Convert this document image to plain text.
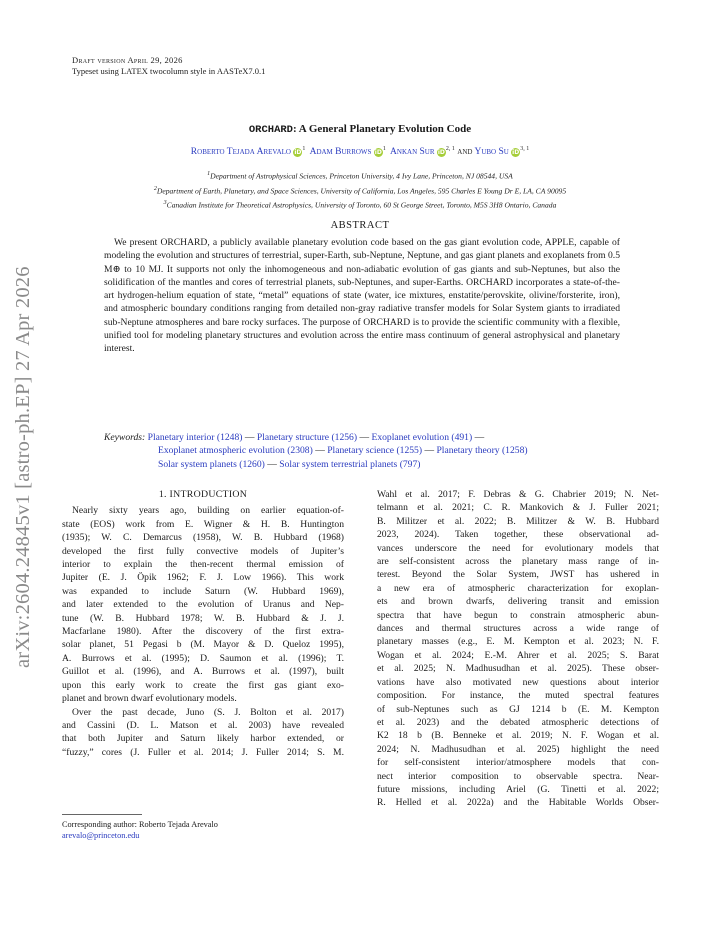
arXiv:2604.24845v1 [astro-ph.EP] 27 Apr 2026
Draft version April 29, 2026
Typeset using LATEX twocolumn style in AASTeX7.0.1
ORCHARD: A General Planetary Evolution Code
Roberto Tejada Arevalo $iD^1$ Adam Burrows $iD^1$ Ankan Sur iD$^{2, 1}$ and Yubo Su iD$^{3, 1}$
$^1$Department of Astrophysical Sciences, Princeton University, 4 Ivy Lane, Princeton, NJ 08544, USA
$^2$Department of Earth, Planetary, and Space Sciences, University of California, Los Angeles, 595 Charles E Young Dr E, LA, CA 90095
$^3$Canadian Institute for Theoretical Astrophysics, University of Toronto, 60 St George Street, Toronto, M5S 3H8 Ontario, Canada
ABSTRACT
We present ORCHARD, a publicly available planetary evolution code based on the gas giant evolution code, APPLE, capable of modeling the evolution and structures of terrestrial, super-Earth, sub-Neptune, Neptune, and gas giant planets and exoplanets from 0.5 M⊕ to 10 MJ. It supports not only the inhomogeneous and non-adiabatic evolution of gas giants and sub-Neptunes, but also the solidification of the mantles and cores of terrestrial planets, sub-Neptunes, and super-Earths. ORCHARD incorporates a state-of-the-art hydrogen-helium equation of state, “metal” equations of state (water, ice mixtures, enstatite/perovskite, olivine/forsterite, iron), and atmospheric boundary conditions ranging from detailed non-gray radiative transfer models for Solar System giants to irradiated sub-Neptune atmospheres and bare rocky surfaces. The purpose of ORCHARD is to provide the scientific community with a flexible, unified tool for modeling planetary structures and evolution across the entire mass continuum of general astrophysical and planetary interest.
Keywords: Planetary interior (1248) — Planetary structure (1256) — Exoplanet evolution (491) —
Exoplanet atmospheric evolution (2308) — Planetary science (1255) — Planetary theory (1258)
Solar system planets (1260) — Solar system terrestrial planets (797)
1. INTRODUCTION
Nearly sixty years ago, building on earlier equation-of-
state (EOS) work from E. Wigner & H. B. Huntington
(1935); W. C. Demarcus (1958), W. B. Hubbard (1968)
developed the first fully convective models of Jupiter’s
interior to explain the then-recent thermal emission of
Jupiter (E. J. Öpik 1962; F. J. Low 1966). This work
was expanded to include Saturn (W. Hubbard 1969),
and later extended to the evolution of Uranus and Nep-
tune (W. B. Hubbard 1978; W. B. Hubbard & J. J.
Macfarlane 1980). After the discovery of the first extra-
solar planet, 51 Pegasi b (M. Mayor & D. Queloz 1995),
A. Burrows et al. (1995); D. Saumon et al. (1996); T.
Guillot et al. (1996), and A. Burrows et al. (1997), built
upon this early work to create the first gas giant exo-
planet and brown dwarf evolutionary models.
Over the past decade, Juno (S. J. Bolton et al. 2017)
and Cassini (D. L. Matson et al. 2003) have revealed
that both Jupiter and Saturn likely harbor extended, or
“fuzzy,” cores (J. Fuller et al. 2014; J. Fuller 2014; S. M.
Wahl et al. 2017; F. Debras & G. Chabrier 2019; N. Net-
telmann et al. 2021; C. R. Mankovich & J. Fuller 2021;
B. Militzer et al. 2022; B. Militzer & W. B. Hubbard
2023, 2024). Taken together, these observational ad-
vances underscore the need for evolutionary models that
are self-consistent across the planetary mass range of in-
terest. Beyond the Solar System, JWST has ushered in
a new era of atmospheric characterization for exoplan-
ets and brown dwarfs, delivering transit and emission
spectra that have begun to constrain atmospheric abun-
dances and thermal structures across a wide range of
planetary masses (e.g., E. M. Kempton et al. 2023; N. F.
Wogan et al. 2024; E.-M. Ahrer et al. 2025; S. Barat
et al. 2025; N. Madhusudhan et al. 2025). These obser-
vations have also motivated new questions about interior
composition. For instance, the muted spectral features
of sub-Neptunes such as GJ 1214 b (E. M. Kempton
et al. 2023) and the debated atmospheric detections of
K2 18 b (B. Benneke et al. 2019; N. F. Wogan et al.
2024; N. Madhusudhan et al. 2025) highlight the need
for self-consistent interior/atmosphere models that con-
nect interior composition to observable spectra. Near-
future missions, including Ariel (G. Tinetti et al. 2022;
R. Helled et al. 2022a) and the Habitable Worlds Obser-
Corresponding author: Roberto Tejada Arevalo
arevalo@princeton.edu
